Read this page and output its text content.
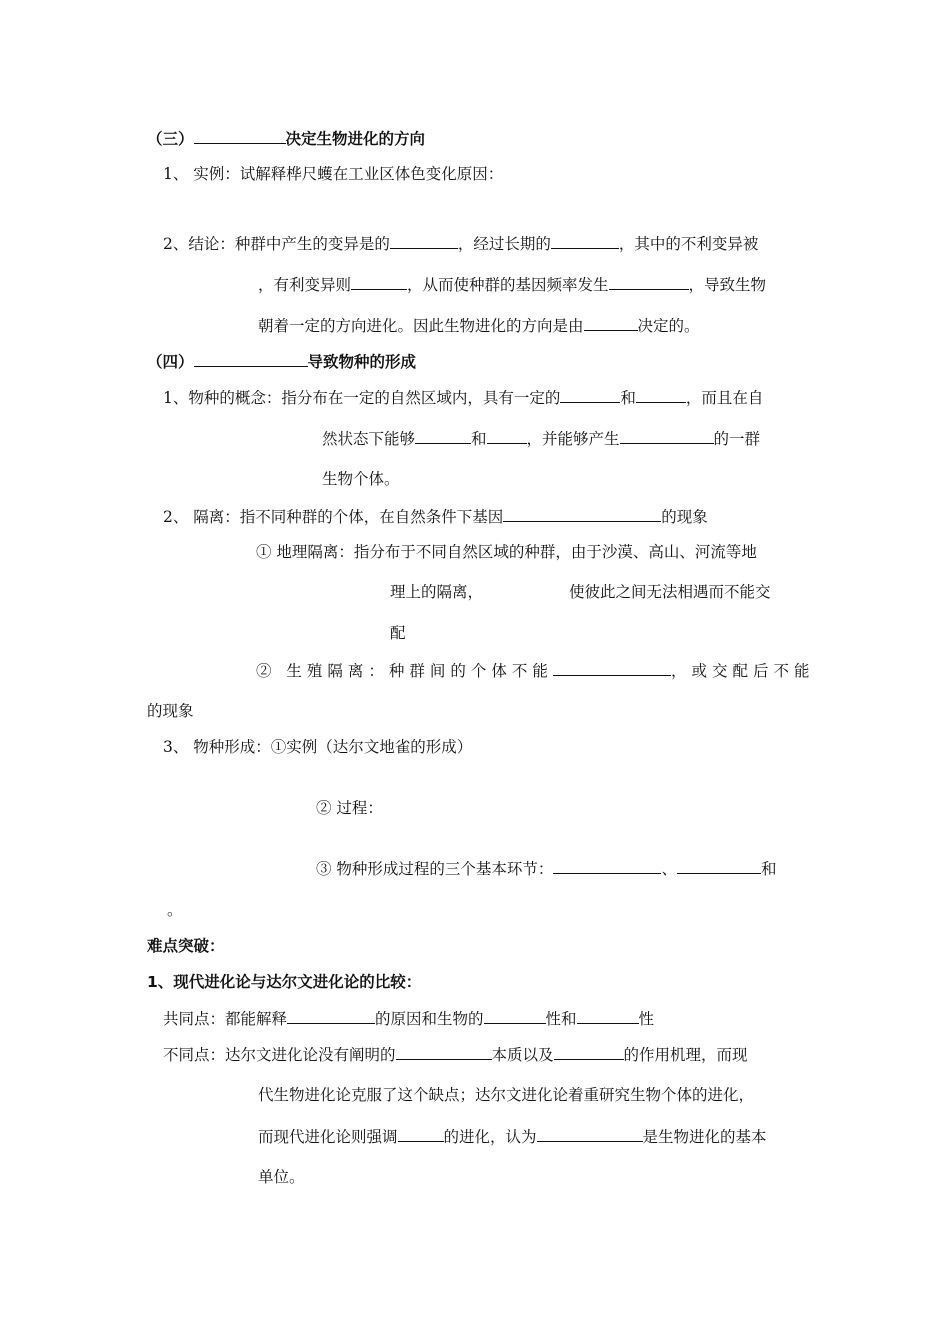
（三）	决定生物进化的方向
1、 实例：试解释桦尺蠖在工业区体色变化原因：
2、结论：种群中产生的变异是的	，经过长期的	，其中的不利变异被
，有利变异则	，从而使种群的基因频率发生	，导致生物
朝着一定的方向进化。因此生物进化的方向是由	决定的。
（四）	导致物种的形成
1、物种的概念：指分布在一定的自然区域内，具有一定的	和	，而且在自
然状态下能够	和	，并能够产生	的一群
生物个体。
2、 隔离：指不同种群的个体，在自然条件下基因	的现象
① 地理隔离：指分布于不同自然区域的种群，由于沙漠、高山、河流等地
理上的隔离，	使彼此之间无法相遇而不能交
配
② 生殖隔离：种群间的个体不能	，或交配后不能
的现象
3、 物种形成：①实例（达尔文地雀的形成）
② 过程：
③ 物种形成过程的三个基本环节：	、	和
。
难点突破：
1、现代进化论与达尔文进化论的比较：
共同点：都能解释	的原因和生物的	性和	性
不同点：达尔文进化论没有阐明的	本质以及	的作用机理，而现
代生物进化论克服了这个缺点；达尔文进化论着重研究生物个体的进化，
而现代进化论则强调	的进化，认为	是生物进化的基本
单位。
